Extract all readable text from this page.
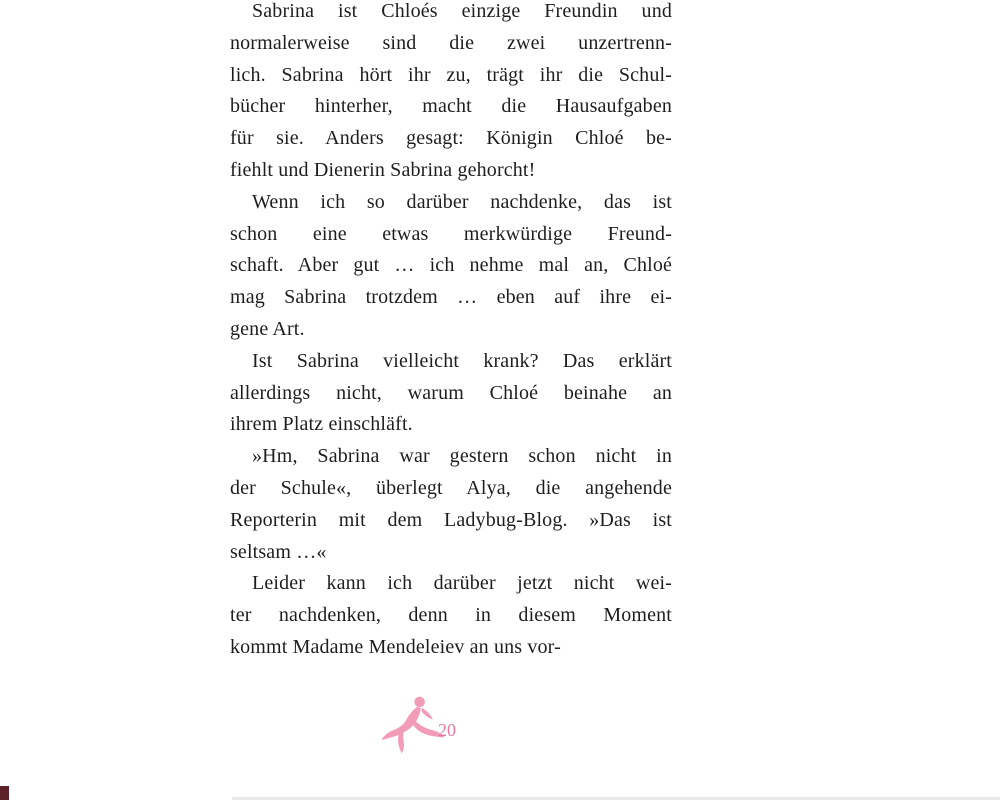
Sabrina ist Chloés einzige Freundin und
normalerweise sind die zwei unzertrenn-
lich. Sabrina hört ihr zu, trägt ihr die Schul-
bücher hinterher, macht die Hausaufgaben
für sie. Anders gesagt: Königin Chloé be-
fiehlt und Dienerin Sabrina gehorcht!
Wenn ich so darüber nachdenke, das ist
schon eine etwas merkwürdige Freund-
schaft. Aber gut … ich nehme mal an, Chloé
mag Sabrina trotzdem … eben auf ihre ei-
gene Art.
Ist Sabrina vielleicht krank? Das erklärt
allerdings nicht, warum Chloé beinahe an
ihrem Platz einschläft.
»Hm, Sabrina war gestern schon nicht in
der Schule«, überlegt Alya, die angehende
Reporterin mit dem Ladybug-Blog. »Das ist
seltsam …«
Leider kann ich darüber jetzt nicht wei-
ter nachdenken, denn in diesem Moment
kommt Madame Mendeleiev an uns vor-
20
